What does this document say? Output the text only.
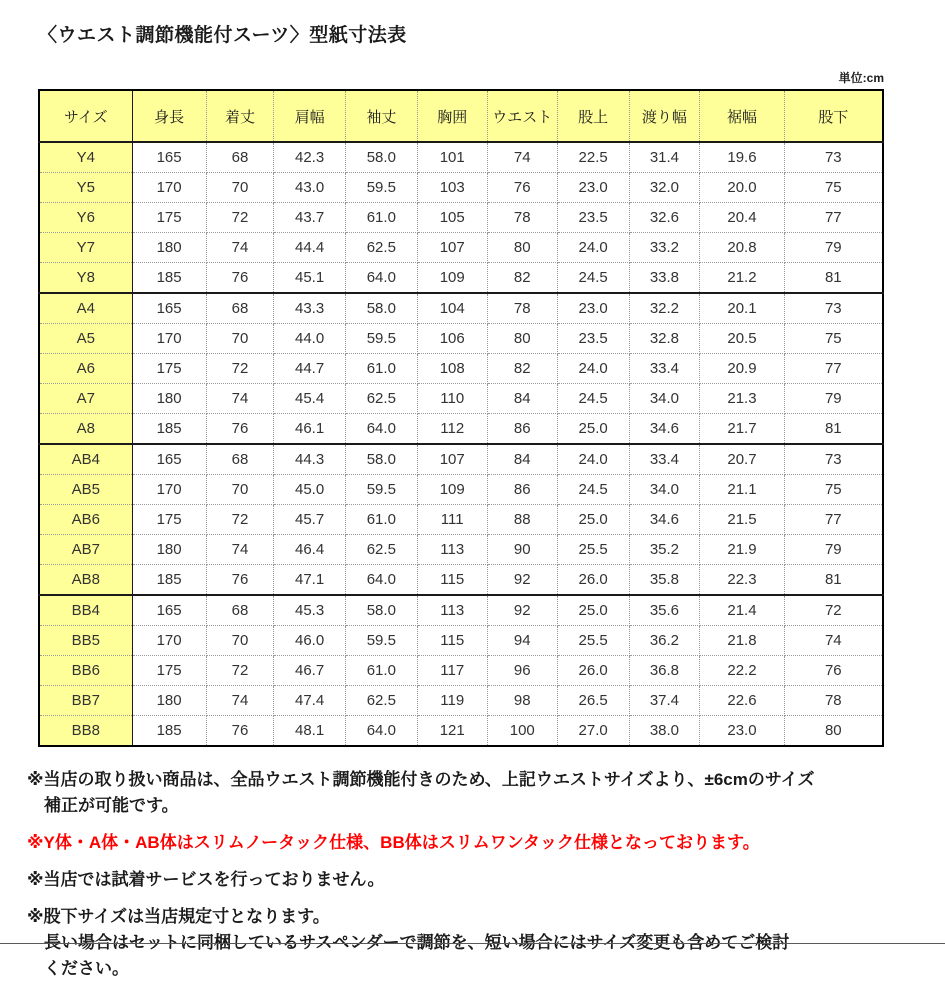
〈ウエスト調節機能付スーツ〉型紙寸法表
単位:cm
サイズ	身長	着丈	肩幅	袖丈	胸囲	ウエスト	股上	渡り幅	裾幅	股下
Y4	165	68	42.3	58.0	101	74	22.5	31.4	19.6	73
Y5	170	70	43.0	59.5	103	76	23.0	32.0	20.0	75
Y6	175	72	43.7	61.0	105	78	23.5	32.6	20.4	77
Y7	180	74	44.4	62.5	107	80	24.0	33.2	20.8	79
Y8	185	76	45.1	64.0	109	82	24.5	33.8	21.2	81
A4	165	68	43.3	58.0	104	78	23.0	32.2	20.1	73
A5	170	70	44.0	59.5	106	80	23.5	32.8	20.5	75
A6	175	72	44.7	61.0	108	82	24.0	33.4	20.9	77
A7	180	74	45.4	62.5	110	84	24.5	34.0	21.3	79
A8	185	76	46.1	64.0	112	86	25.0	34.6	21.7	81
AB4	165	68	44.3	58.0	107	84	24.0	33.4	20.7	73
AB5	170	70	45.0	59.5	109	86	24.5	34.0	21.1	75
AB6	175	72	45.7	61.0	111	88	25.0	34.6	21.5	77
AB7	180	74	46.4	62.5	113	90	25.5	35.2	21.9	79
AB8	185	76	47.1	64.0	115	92	26.0	35.8	22.3	81
BB4	165	68	45.3	58.0	113	92	25.0	35.6	21.4	72
BB5	170	70	46.0	59.5	115	94	25.5	36.2	21.8	74
BB6	175	72	46.7	61.0	117	96	26.0	36.8	22.2	76
BB7	180	74	47.4	62.5	119	98	26.5	37.4	22.6	78
BB8	185	76	48.1	64.0	121	100	27.0	38.0	23.0	80
※当店の取り扱い商品は、全品ウエスト調節機能付きのため、上記ウエストサイズより、±6cmのサイズ
補正が可能です。
※Y体・A体・AB体はスリムノータック仕様、BB体はスリムワンタック仕様となっております。
※当店では試着サービスを行っておりません。
※股下サイズは当店規定寸となります。
長い場合はセットに同梱しているサスペンダーで調節を、短い場合にはサイズ変更も含めてご検討
ください。
